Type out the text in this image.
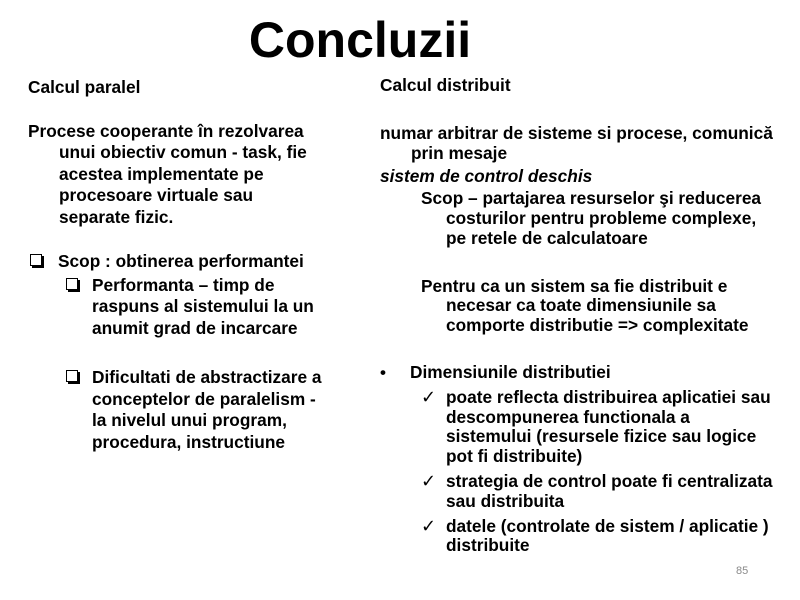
Concluzii

Calcul paralel

Procese cooperante în rezolvarea unui obiectiv comun - task, fie acestea implementate pe procesoare virtuale sau separate fizic.

Scop : obtinerea performantei
Performanta – timp de raspuns al sistemului la un anumit grad de incarcare
Dificultati de abstractizare a conceptelor de paralelism - la nivelul unui program, procedura, instructiune

Calcul distribuit

numar arbitrar de sisteme si procese, comunică prin mesaje

sistem de control deschis

Scop – partajarea resurselor şi reducerea costurilor pentru probleme complexe, pe retele de calculatoare

Pentru ca un sistem sa fie distribuit e necesar ca toate dimensiunile sa comporte distributie => complexitate

• Dimensiunile distributiei
✓ poate reflecta distribuirea aplicatiei sau descompunerea functionala a sistemului (resursele fizice sau logice pot fi distribuite)
✓ strategia de control poate fi centralizata sau distribuita
✓ datele (controlate de sistem / aplicatie ) distribuite
85
